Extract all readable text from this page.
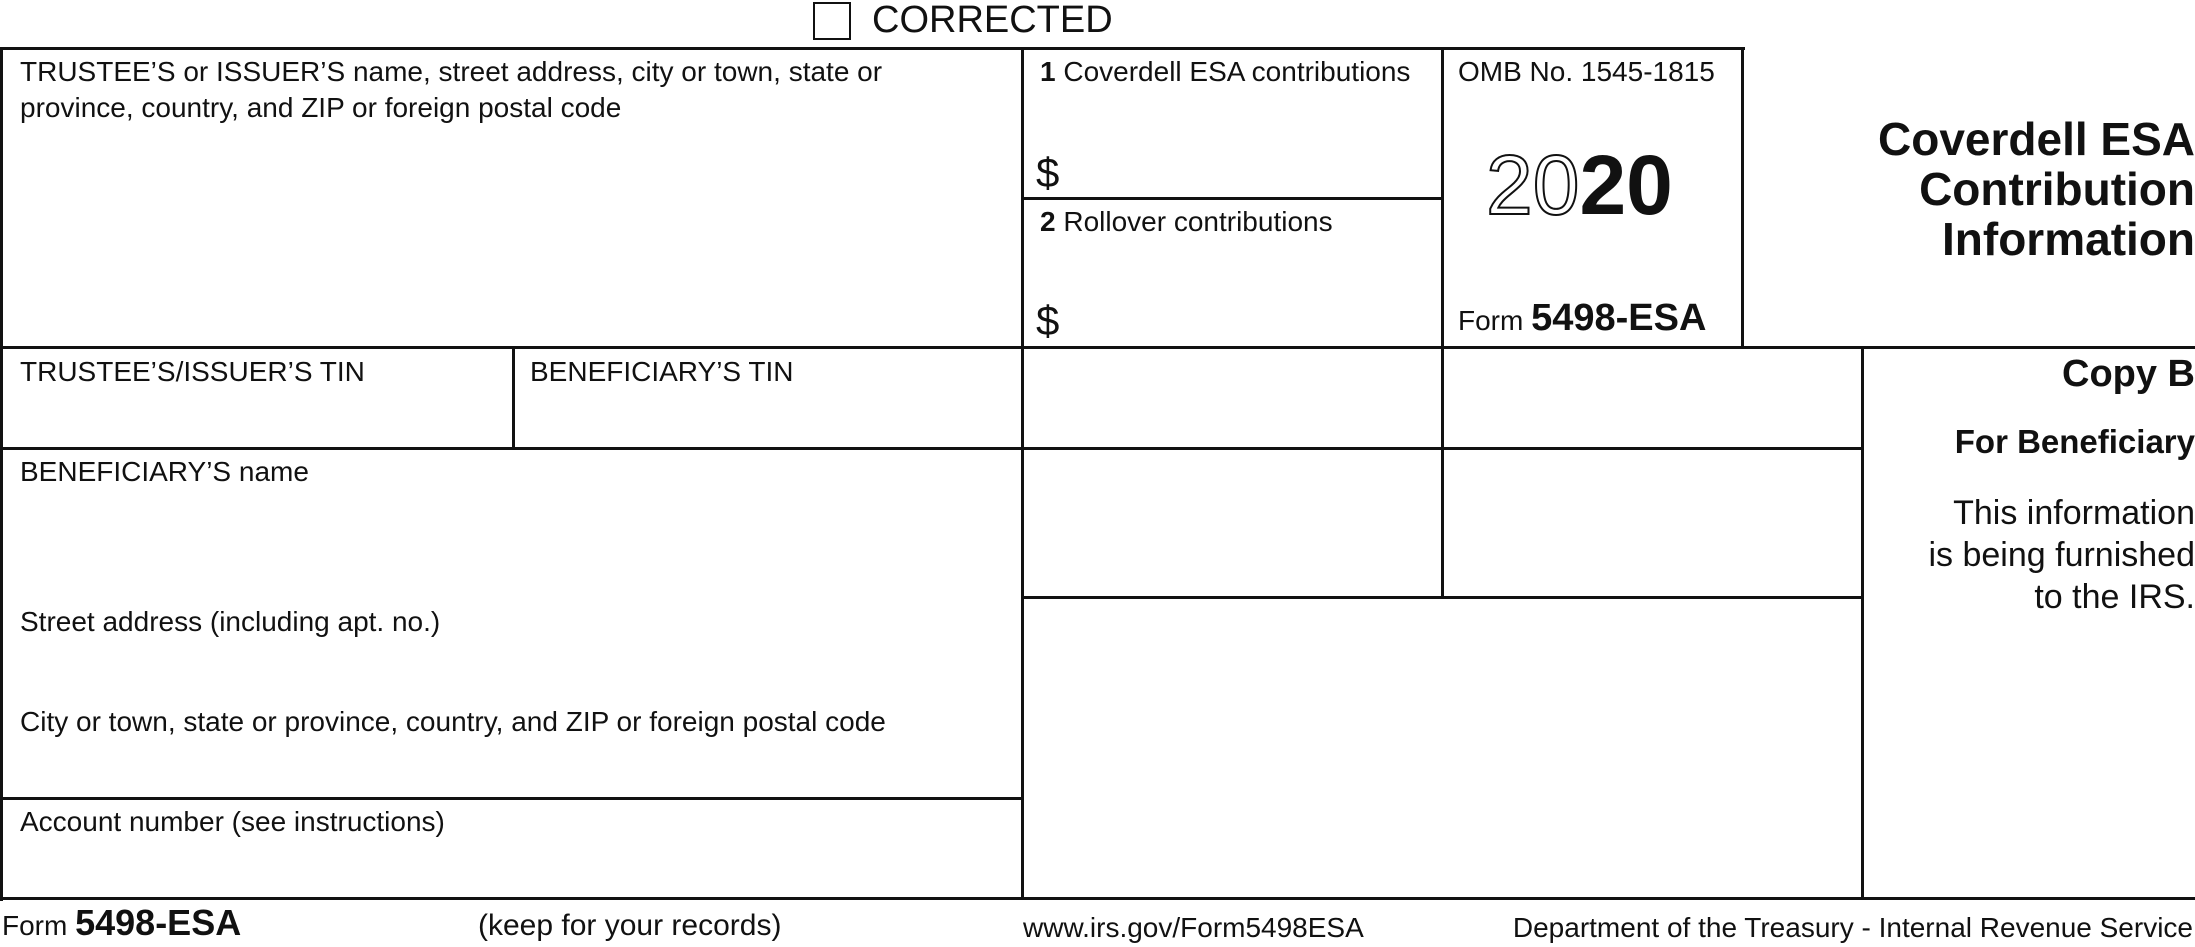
CORRECTED
TRUSTEE’S or ISSUER’S name, street address, city or town, state or
province, country, and ZIP or foreign postal code
1 Coverdell ESA contributions
$
2 Rollover contributions
$
OMB No. 1545-1815
2020
Form 5498-ESA
Coverdell ESA
Contribution
Information
TRUSTEE’S/ISSUER’S TIN	BENEFICIARY’S TIN
BENEFICIARY’S name
Street address (including apt. no.)
City or town, state or province, country, and ZIP or foreign postal code
Account number (see instructions)
Copy B
For Beneficiary
This information
is being furnished
to the IRS.
Form 5498-ESA	(keep for your records)	www.irs.gov/Form5498ESA	Department of the Treasury - Internal Revenue Service
